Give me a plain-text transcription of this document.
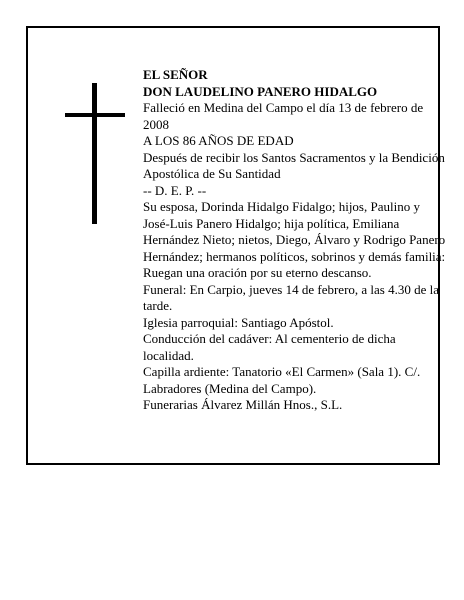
EL SEÑOR

DON LAUDELINO PANERO HIDALGO

Falleció en Medina del Campo el día 13 de febrero de 2008

A LOS 86 AÑOS DE EDAD

Después de recibir los Santos Sacramentos y la Bendición Apostólica de Su Santidad

-- D. E. P. --

Su esposa, Dorinda Hidalgo Fidalgo; hijos, Paulino y José-Luis Panero Hidalgo; hija política, Emiliana Hernández Nieto; nietos, Diego, Álvaro y Rodrigo Panero Hernández; hermanos políticos, sobrinos y demás familia:

Ruegan una oración por su eterno descanso.

Funeral: En Carpio, jueves 14 de febrero, a las 4.30 de la tarde.

Iglesia parroquial: Santiago Apóstol.

Conducción del cadáver: Al cementerio de dicha localidad.

Capilla ardiente: Tanatorio «El Carmen» (Sala 1). C/. Labradores (Medina del Campo).

Funerarias Álvarez Millán Hnos., S.L.
